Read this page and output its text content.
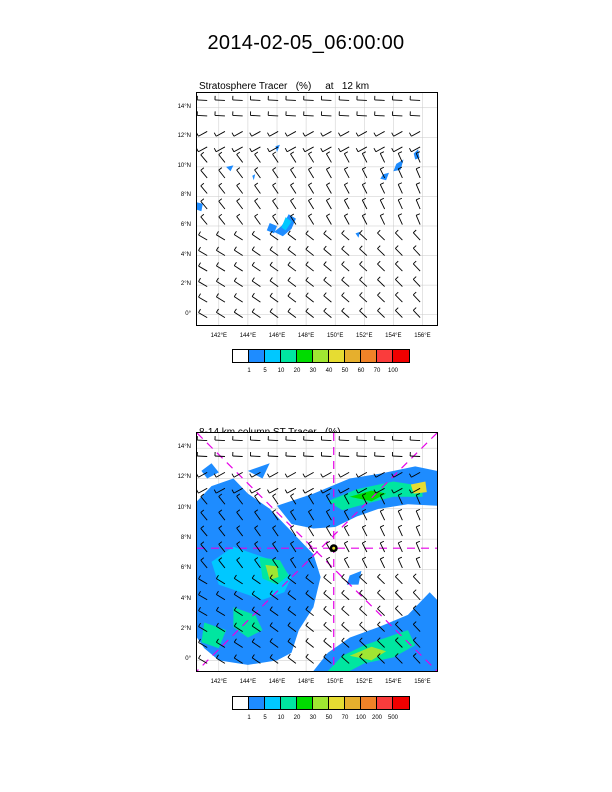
2014-02-05_06:00:00

Stratosphere Tracer (%) at 12 km

0°
2°N
4°N
6°N
8°N
10°N
12°N
14°N
142°E	144°E	146°E	148°E	150°E	152°E	154°E	156°E
1	5	10	20	30	40	50	60	70	100

0°
2°N
4°N
6°N
8°N
10°N
12°N
14°N
142°E	144°E	146°E	148°E	150°E	152°E	154°E	156°E
1	5	10	20	30	50	70	100 200 500
